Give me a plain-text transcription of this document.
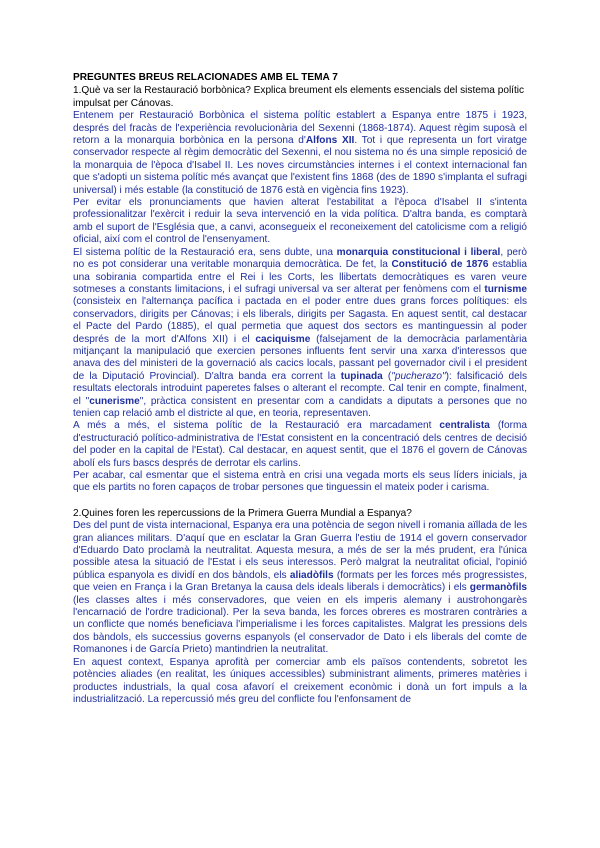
PREGUNTES BREUS RELACIONADES AMB EL TEMA 7

1.Què va ser la Restauració borbònica? Explica breument els elements essencials del sistema polític impulsat per Cánovas.

Entenem per Restauració Borbònica el sistema polític establert a Espanya entre 1875 i 1923, després del fracàs de l'experiència revolucionària del Sexenni (1868-1874). Aquest règim suposà el retorn a la monarquia borbònica en la persona d'Alfons XII. Tot i que representa un fort viratge conservador respecte al règim democràtic del Sexenni, el nou sistema no és una simple reposició de la monarquia de l'època d'Isabel II. Les noves circumstàncies internes i el context internacional fan que s'adopti un sistema polític més avançat que l'existent fins 1868 (des de 1890 s'implanta el sufragi universal) i més estable (la constitució de 1876 està en vigència fins 1923).

Per evitar els pronunciaments que havien alterat l'estabilitat a l'època d'Isabel II s'intenta professionalitzar l'exèrcit i reduir la seva intervenció en la vida política. D'altra banda, es comptarà amb el suport de l'Església que, a canvi, aconsegueix el reconeixement del catolicisme com a religió oficial, així com el control de l'ensenyament.

El sistema polític de la Restauració era, sens dubte, una monarquia constitucional i liberal, però no es pot considerar una veritable monarquia democràtica. De fet, la Constitució de 1876 establia una sobirania compartida entre el Rei i les Corts, les llibertats democràtiques es varen veure sotmeses a constants limitacions, i el sufragi universal va ser alterat per fenòmens com el turnisme (consisteix en l'alternança pacífica i pactada en el poder entre dues grans forces polítiques: els conservadors, dirigits per Cánovas; i els liberals, dirigits per Sagasta. En aquest sentit, cal destacar el Pacte del Pardo (1885), el qual permetia que aquest dos sectors es mantinguessin al poder després de la mort d'Alfons XII) i el caciquisme (falsejament de la democràcia parlamentària mitjançant la manipulació que exercien persones influents fent servir una xarxa d'interessos que anava des del ministeri de la governació als cacics locals, passant pel governador civil i el president de la Diputació Provincial). D'altra banda era corrent la tupinada ("pucherazo"): falsificació dels resultats electorals introduint paperetes falses o alterant el recompte. Cal tenir en compte, finalment, el "cunerisme", pràctica consistent en presentar com a candidats a diputats a persones que no tenien cap relació amb el districte al que, en teoria, representaven.

A més a més, el sistema polític de la Restauració era marcadament centralista (forma d'estructuració político-administrativa de l'Estat consistent en la concentració dels centres de decisió del poder en la capital de l'Estat). Cal destacar, en aquest sentit, que el 1876 el govern de Cánovas abolí els furs bascs després de derrotar els carlins.

Per acabar, cal esmentar que el sistema entrà en crisi una vegada morts els seus líders inicials, ja que els partits no foren capaços de trobar persones que tinguessin el mateix poder i carisma.

2.Quines foren les repercussions de la Primera Guerra Mundial a Espanya?

Des del punt de vista internacional, Espanya era una potència de segon nivell i romania aïllada de les gran aliances militars. D'aquí que en esclatar la Gran Guerra l'estiu de 1914 el govern conservador d'Eduardo Dato proclamà la neutralitat. Aquesta mesura, a més de ser la més prudent, era l'única possible atesa la situació de l'Estat i els seus interessos. Però malgrat la neutralitat oficial, l'opinió pública espanyola es dividí en dos bàndols, els aliadòfils (formats per les forces més progressistes, que veien en França i la Gran Bretanya la causa dels ideals liberals i democràtics) i els germanòfils (les classes altes i més conservadores, que veien en els imperis alemany i austrohongarès l'encarnació de l'ordre tradicional). Per la seva banda, les forces obreres es mostraren contràries a un conflicte que només beneficiava l'imperialisme i les forces capitalistes. Malgrat les pressions dels dos bàndols, els successius governs espanyols (el conservador de Dato i els liberals del comte de Romanones i de García Prieto) mantindrien la neutralitat.

En aquest context, Espanya aprofità per comerciar amb els països contendents, sobretot les potències aliades (en realitat, les úniques accessibles) subministrant aliments, primeres matèries i productes industrials, la qual cosa afavorí el creixement econòmic i donà un fort impuls a la industrialització. La repercussió més greu del conflicte fou l'enfonsament de
